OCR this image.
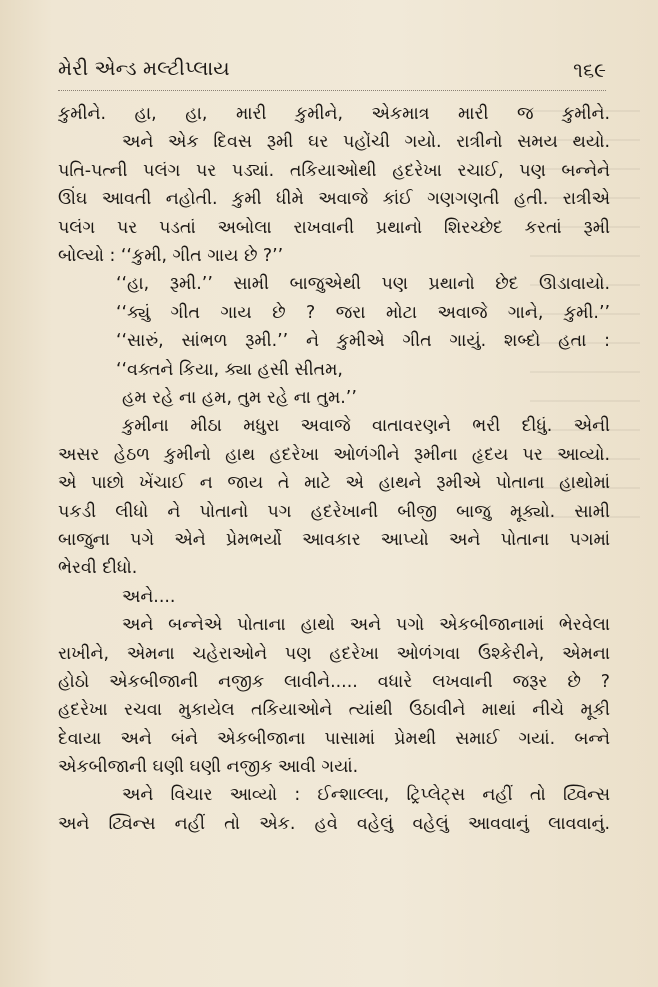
મેરી એન્ડ મલ્ટીપ્લાય	૧૬૯
કુમીને. હા, હા, મારી કુમીને, એકમાત્ર મારી જ કુમીને.
અને એક દિવસ રૂમી ઘર પહોંચી ગયો. રાત્રીનો સમય થયો.
પતિ-પત્ની પલંગ પર પડ્યાં. તકિયાઓથી હદરેખા રચાઈ, પણ બન્નેને
ઊંઘ આવતી નહોતી. કુમી ધીમે અવાજે કાંઈ ગણગણતી હતી. રાત્રીએ
પલંગ પર પડતાં અબોલા રાખવાની પ્રથાનો શિરચ્છેદ કરતાં રૂમી
બોલ્યો : ‘‘કુમી, ગીત ગાય છે ?’’
‘‘હા, રૂમી.’’ સામી બાજુએથી પણ પ્રથાનો છેદ ઊડાવાયો.
‘‘ક્યું ગીત ગાય છે ? જરા મોટા અવાજે ગાને, કુમી.’’
‘‘સારું, સાંભળ રૂમી.’’ ને કુમીએ ગીત ગાયું. શબ્દો હતા :
‘‘વક્તને કિયા, ક્યા હસી સીતમ,
હમ રહે ના હમ, તુમ રહે ના તુમ.’’
કુમીના મીઠા મધુરા અવાજે વાતાવરણને ભરી દીધું. એની
અસર હેઠળ કુમીનો હાથ હદરેખા ઓળંગીને રૂમીના હૃદય પર આવ્યો.
એ પાછો ખેંચાઈ ન જાય તે માટે એ હાથને રૂમીએ પોતાના હાથોમાં
પકડી લીધો ને પોતાનો પગ હદરેખાની બીજી બાજુ મૂક્યો. સામી
બાજુના પગે એને પ્રેમભર્યો આવકાર આપ્યો અને પોતાના પગમાં
ભેરવી દીધો.
અને....
અને બન્નેએ પોતાના હાથો અને પગો એકબીજાનામાં ભેરવેલા
રાખીને, એમના ચહેરાઓને પણ હદરેખા ઓળંગવા ઉશ્કેરીને, એમના
હોઠો એકબીજાની નજીક લાવીને..... વધારે લખવાની જરૂર છે ?
હદરેખા રચવા મુકાયેલ તકિયાઓને ત્યાંથી ઉઠાવીને માથાં નીચે મૂકી
દેવાયા અને બંને એકબીજાના પાસામાં પ્રેમથી સમાઈ ગયાં. બન્ને
એકબીજાની ઘણી ઘણી નજીક આવી ગયાં.
અને વિચાર આવ્યો : ઈન્શાલ્લા, ટ્રિપ્લેટ્સ નહીં તો ટ્વિન્સ
અને ટ્વિન્સ નહીં તો એક. હવે વહેલું વહેલું આવવાનું લાવવાનું.
